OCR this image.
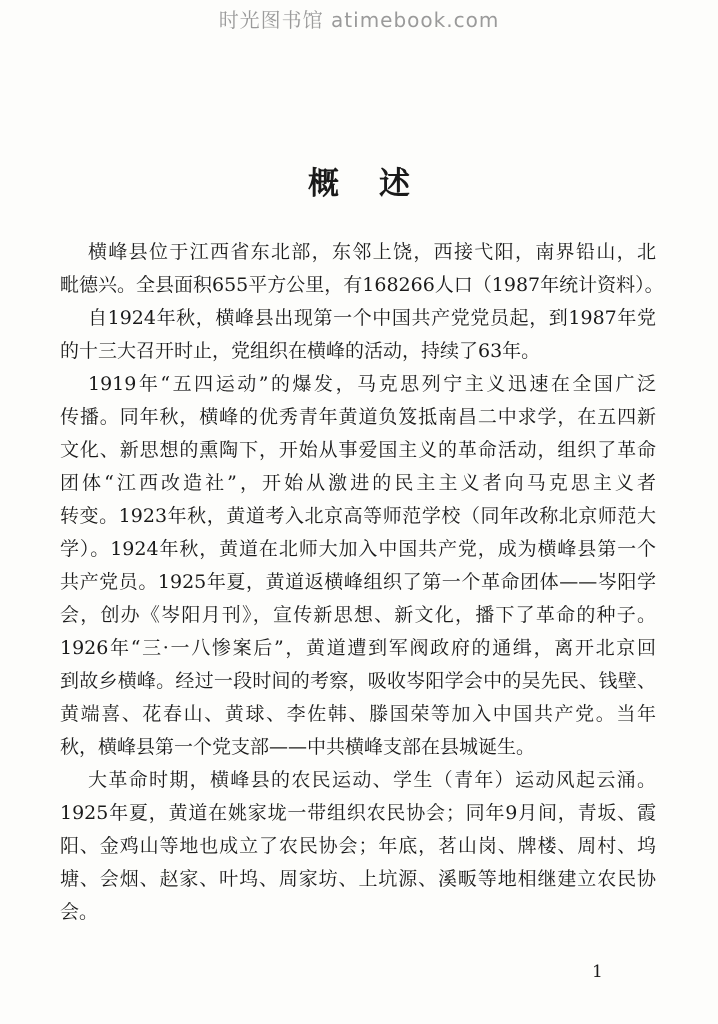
时光图书馆 atimebook.com
概述
横峰县位于江西省东北部，东邻上饶，西接弋阳，南界铅山，北
毗德兴。全县面积655平方公里，有168266人口（1987年统计资料）。
自1924年秋，横峰县出现第一个中国共产党党员起，到1987年党
的十三大召开时止，党组织在横峰的活动，持续了63年。
1919年“五四运动”的爆发，马克思列宁主义迅速在全国广泛
传播。同年秋，横峰的优秀青年黄道负笈抵南昌二中求学，在五四新
文化、新思想的熏陶下，开始从事爱国主义的革命活动，组织了革命
团体“江西改造社”，开始从激进的民主主义者向马克思主义者
转变。1923年秋，黄道考入北京高等师范学校（同年改称北京师范大
学）。1924年秋，黄道在北师大加入中国共产党，成为横峰县第一个
共产党员。1925年夏，黄道返横峰组织了第一个革命团体——岑阳学
会，创办《岑阳月刊》，宣传新思想、新文化，播下了革命的种子。
1926年“三·一八惨案后”，黄道遭到军阀政府的通缉，离开北京回
到故乡横峰。经过一段时间的考察，吸收岑阳学会中的吴先民、钱壁、
黄端喜、花春山、黄球、李佐韩、滕国荣等加入中国共产党。当年
秋，横峰县第一个党支部——中共横峰支部在县城诞生。
大革命时期，横峰县的农民运动、学生（青年）运动风起云涌。
1925年夏，黄道在姚家垅一带组织农民协会；同年9月间，青坂、霞
阳、金鸡山等地也成立了农民协会；年底，茗山岗、牌楼、周村、坞
塘、会烟、赵家、叶坞、周家坊、上坑源、溪畈等地相继建立农民协
会。
1
